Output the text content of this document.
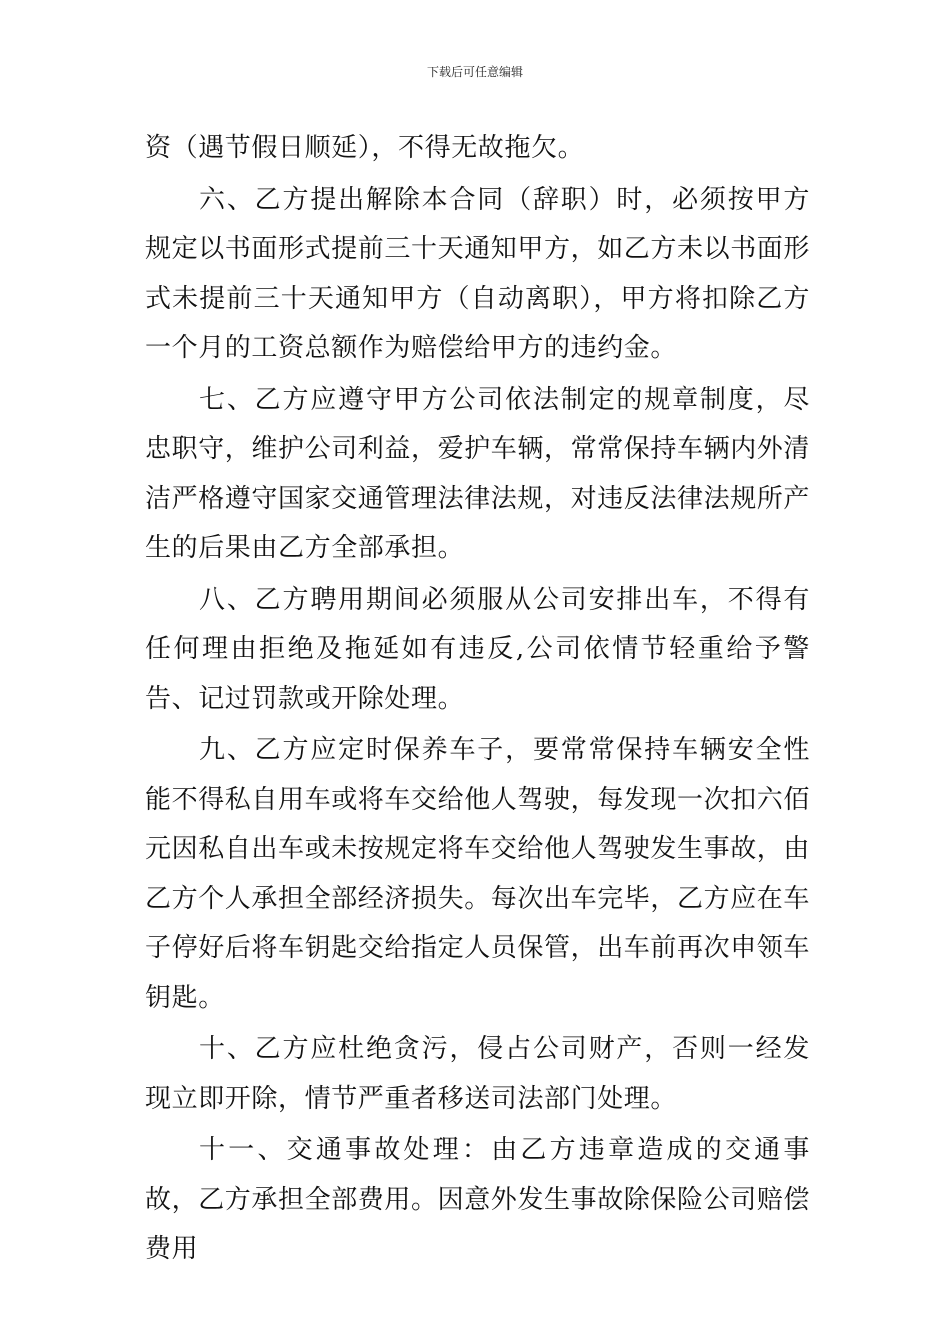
下载后可任意编辑

资（遇节假日顺延），不得无故拖欠。

六、乙方提出解除本合同（辞职）时，必须按甲方规定以书面形式提前三十天通知甲方，如乙方未以书面形式未提前三十天通知甲方（自动离职），甲方将扣除乙方一个月的工资总额作为赔偿给甲方的违约金。

七、乙方应遵守甲方公司依法制定的规章制度，尽忠职守，维护公司利益，爱护车辆，常常保持车辆内外清洁严格遵守国家交通管理法律法规，对违反法律法规所产生的后果由乙方全部承担。

八、乙方聘用期间必须服从公司安排出车，不得有任何理由拒绝及拖延如有违反,公司依情节轻重给予警告、记过罚款或开除处理。

九、乙方应定时保养车子，要常常保持车辆安全性能不得私自用车或将车交给他人驾驶，每发现一次扣六佰元因私自出车或未按规定将车交给他人驾驶发生事故，由乙方个人承担全部经济损失。每次出车完毕，乙方应在车子停好后将车钥匙交给指定人员保管，出车前再次申领车钥匙。

十、乙方应杜绝贪污，侵占公司财产，否则一经发现立即开除，情节严重者移送司法部门处理。

十一、交通事故处理：由乙方违章造成的交通事故，乙方承担全部费用。因意外发生事故除保险公司赔偿费用
